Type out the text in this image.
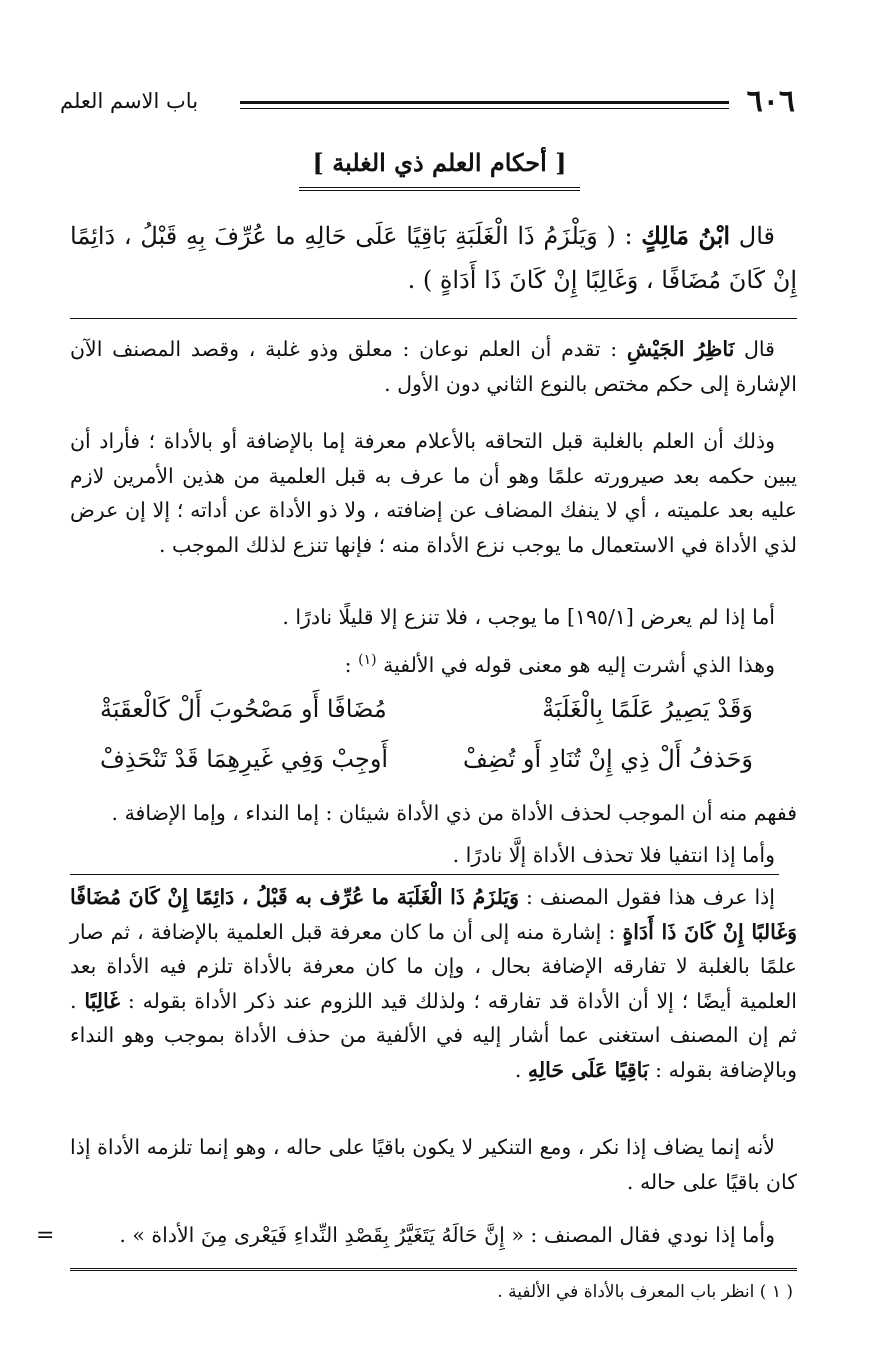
٦٠٦
باب الاسم العلم
[ أحكام العلم ذي الغلبة ]

قال ابْنُ مَالِكٍ : ( وَيَلْزَمُ ذَا الْغَلَبَةِ بَاقِيًا عَلَى حَالِهِ ما عُرِّفَ بِهِ قَبْلُ ، دَائِمًا إِنْ كَانَ مُضَافًا ، وَغَالِبًا إِنْ كَانَ ذَا أَدَاةٍ ) .

قال نَاظِرُ الجَيْشِ : تقدم أن العلم نوعان : معلق وذو غلبة ، وقصد المصنف الآن الإشارة إلى حكم مختص بالنوع الثاني دون الأول .

وذلك أن العلم بالغلبة قبل التحاقه بالأعلام معرفة إما بالإضافة أو بالأداة ؛ فأراد أن يبين حكمه بعد صيرورته علمًا وهو أن ما عرف به قبل العلمية من هذين الأمرين لازم عليه بعد علميته ، أي لا ينفك المضاف عن إضافته ، ولا ذو الأداة عن أداته ؛ إلا إن عرض لذي الأداة في الاستعمال ما يوجب نزع الأداة منه ؛ فإنها تنزع لذلك الموجب .

أما إذا لم يعرض [١٩٥/١] ما يوجب ، فلا تنزع إلا قليلًا نادرًا .

وهذا الذي أشرت إليه هو معنى قوله في الألفية $^{(١)}$ :

وَقَدْ يَصِيرُ عَلَمًا بِالْغَلَبَةْ
مُضَافًا أَو مَصْحُوبَ أَلْ كَالْعقَبَةْ
وَحَذفُ أَلْ ذِي إِنْ تُنَادِ أَو تُضِفْ
أَوجِبْ وَفِي غَيرِهِمَا قَدْ تَنْحَذِفْ

ففهم منه أن الموجب لحذف الأداة من ذي الأداة شيئان : إما النداء ، وإما الإضافة .

وأما إذا انتفيا فلا تحذف الأداة إلَّا نادرًا .

إذا عرف هذا فقول المصنف : وَيَلزَمُ ذَا الْغَلَبَة ما عُرِّف به قَبْلُ ، دَائِمًا إِنْ كَانَ مُضَافًا وَغَالبًا إِنْ كَانَ ذَا أَدَاةٍ : إشارة منه إلى أن ما كان معرفة قبل العلمية بالإضافة ، ثم صار علمًا بالغلبة لا تفارقه الإضافة بحال ، وإن ما كان معرفة بالأداة تلزم فيه الأداة بعد العلمية أيضًا ؛ إلا أن الأداة قد تفارقه ؛ ولذلك قيد اللزوم عند ذكر الأداة بقوله : غَالِبًا . ثم إن المصنف استغنى عما أشار إليه في الألفية من حذف الأداة بموجب وهو النداء وبالإضافة بقوله : بَاقِيًا عَلَى حَالِهِ .

لأنه إنما يضاف إذا نكر ، ومع التنكير لا يكون باقيًا على حاله ، وهو إنما تلزمه الأداة إذا كان باقيًا على حاله .

وأما إذا نودي فقال المصنف : « إِنَّ حَالَهُ يَتَغَيَّرُ بِقَصْدِ النِّداءِ فَيَعْرى مِنَ الأداة » .

=
( ١ ) انظر باب المعرف بالأداة في الألفية .
